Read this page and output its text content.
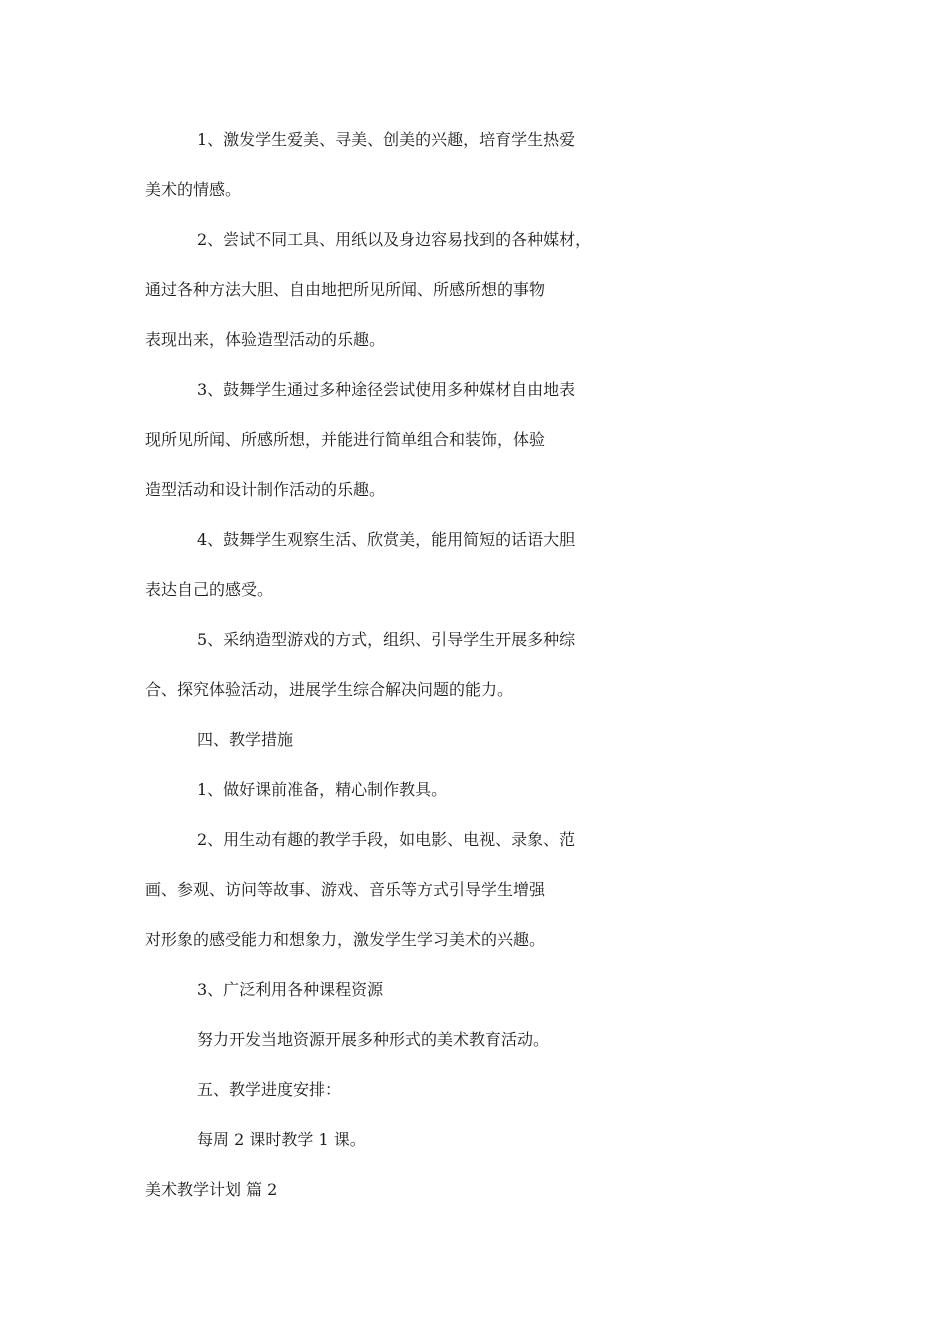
1、激发学生爱美、寻美、创美的兴趣，培育学生热爱
美术的情感。
2、尝试不同工具、用纸以及身边容易找到的各种媒材，
通过各种方法大胆、自由地把所见所闻、所感所想的事物
表现出来，体验造型活动的乐趣。
3、鼓舞学生通过多种途径尝试使用多种媒材自由地表
现所见所闻、所感所想，并能进行简单组合和装饰，体验
造型活动和设计制作活动的乐趣。
4、鼓舞学生观察生活、欣赏美，能用简短的话语大胆
表达自己的感受。
5、采纳造型游戏的方式，组织、引导学生开展多种综
合、探究体验活动，进展学生综合解决问题的能力。
四、教学措施
1、做好课前准备，精心制作教具。
2、用生动有趣的教学手段，如电影、电视、录象、范
画、参观、访问等故事、游戏、音乐等方式引导学生增强
对形象的感受能力和想象力，激发学生学习美术的兴趣。
3、广泛利用各种课程资源
努力开发当地资源开展多种形式的美术教育活动。
五、教学进度安排：
每周 2 课时教学 1 课。
美术教学计划 篇 2
